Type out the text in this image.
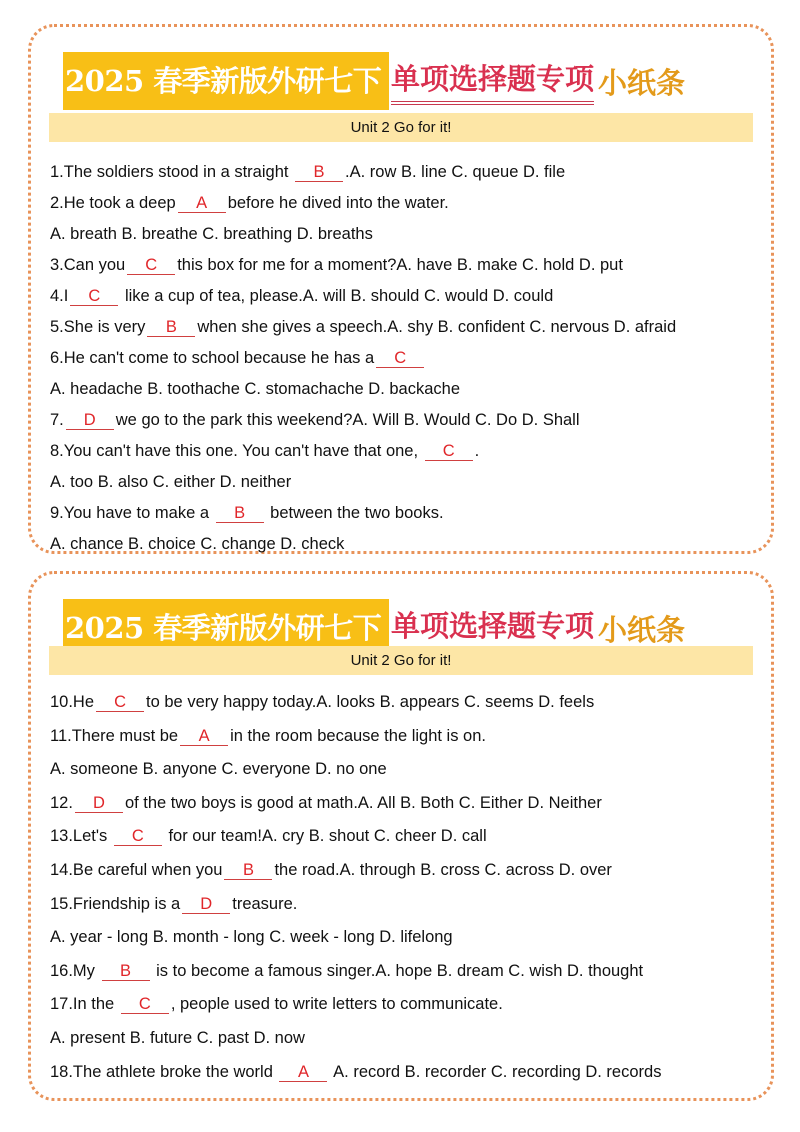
2025 春季新版外研七下 单项选择题专项 小纸条
Unit 2 Go for it!
1.The soldiers stood in a straight B .A. row B. line C. queue D. file
2.He took a deep A before he dived into the water.
A. breath B. breathe C. breathing D. breaths
3.Can you C this box for me for a moment?A. have B. make C. hold D. put
4.I C like a cup of tea, please.A. will B. should C. would D. could
5.She is very B when she gives a speech.A. shy B. confident C. nervous D. afraid
6.He can't come to school because he has a C
A. headache B. toothache C. stomachache D. backache
7. D we go to the park this weekend?A. Will B. Would C. Do D. Shall
8.You can't have this one. You can't have that one, C .
A. too B. also C. either D. neither
9.You have to make a B between the two books.
A. chance B. choice C. change D. check
2025 春季新版外研七下 单项选择题专项 小纸条
Unit 2 Go for it!
10.He C to be very happy today.A. looks B. appears C. seems D. feels
11.There must be A in the room because the light is on.
A. someone B. anyone C. everyone D. no one
12. D of the two boys is good at math.A. All B. Both C. Either D. Neither
13.Let's C for our team!A. cry B. shout C. cheer D. call
14.Be careful when you B the road.A. through B. cross C. across D. over
15.Friendship is a D treasure.
A. year - long B. month - long C. week - long D. lifelong
16.My B is to become a famous singer.A. hope B. dream C. wish D. thought
17.In the C , people used to write letters to communicate.
A. present B. future C. past D. now
18.The athlete broke the world A A. record B. recorder C. recording D. records
